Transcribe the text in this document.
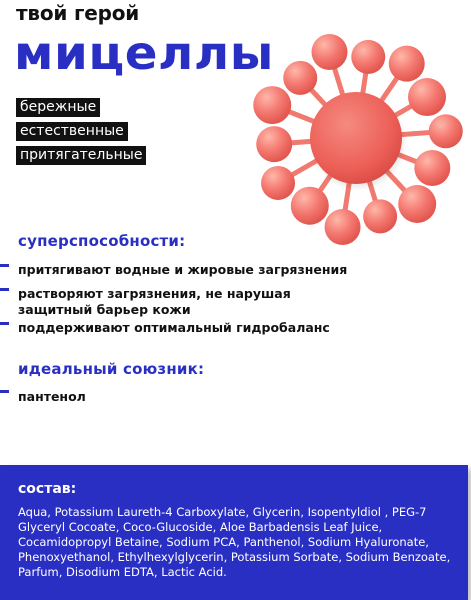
твой герой
мицеллы
бережные
естественные
притягательные
суперспособности:
притягивают водные и жировые загрязнения
растворяют загрязнения, не нарушая защитный барьер кожи
поддерживают оптимальный гидробаланс
идеальный союзник:
пантенол
состав:
Aqua, Potassium Laureth-4 Carboxylate, Glycerin, Isopentyldiol , PEG-7 Glyceryl Cocoate, Coco-Glucoside, Aloe Barbadensis Leaf Juice, Cocamidopropyl Betaine, Sodium PCA, Panthenol, Sodium Hyaluronate, Phenoxyethanol, Ethylhexylglycerin, Potassium Sorbate, Sodium Benzoate, Parfum, Disodium EDTA, Lactic Acid.
